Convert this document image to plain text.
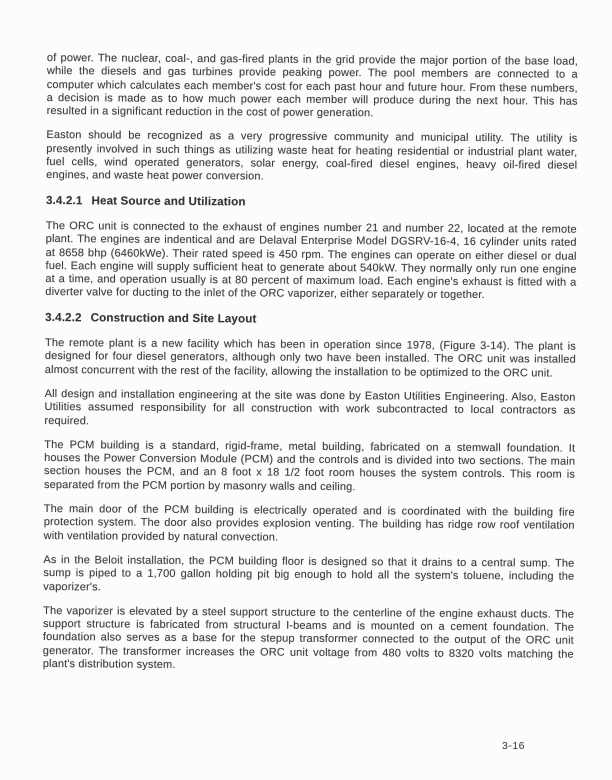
of power. The nuclear, coal-, and gas-fired plants in the grid provide the major portion of the base load, while the diesels and gas turbines provide peaking power. The pool members are connected to a computer which calculates each member's cost for each past hour and future hour. From these numbers, a decision is made as to how much power each member will produce during the next hour. This has resulted in a significant reduction in the cost of power generation.

Easton should be recognized as a very progressive community and municipal utility. The utility is presently involved in such things as utilizing waste heat for heating residential or industrial plant water, fuel cells, wind operated generators, solar energy, coal-fired diesel engines, heavy oil-fired diesel engines, and waste heat power conversion.

3.4.2.1 Heat Source and Utilization

The ORC unit is connected to the exhaust of engines number 21 and number 22, located at the remote plant. The engines are indentical and are Delaval Enterprise Model DGSRV-16-4, 16 cylinder units rated at 8658 bhp (6460kWe). Their rated speed is 450 rpm. The engines can operate on either diesel or dual fuel. Each engine will supply sufficient heat to generate about 540kW. They normally only run one engine at a time, and operation usually is at 80 percent of maximum load. Each engine's exhaust is fitted with a diverter valve for ducting to the inlet of the ORC vaporizer, either separately or together.

3.4.2.2 Construction and Site Layout

The remote plant is a new facility which has been in operation since 1978, (Figure 3-14). The plant is designed for four diesel generators, although only two have been installed. The ORC unit was installed almost concurrent with the rest of the facility, allowing the installation to be optimized to the ORC unit.

All design and installation engineering at the site was done by Easton Utilities Engineering. Also, Easton Utilities assumed responsibility for all construction with work subcontracted to local contractors as required.

The PCM building is a standard, rigid-frame, metal building, fabricated on a stemwall foundation. It houses the Power Conversion Module (PCM) and the controls and is divided into two sections. The main section houses the PCM, and an 8 foot x 18 1/2 foot room houses the system controls. This room is separated from the PCM portion by masonry walls and ceiling.

The main door of the PCM building is electrically operated and is coordinated with the building fire protection system. The door also provides explosion venting. The building has ridge row roof ventilation with ventilation provided by natural convection.

As in the Beloit installation, the PCM building floor is designed so that it drains to a central sump. The sump is piped to a 1,700 gallon holding pit big enough to hold all the system's toluene, including the vaporizer's.

The vaporizer is elevated by a steel support structure to the centerline of the engine exhaust ducts. The support structure is fabricated from structural I-beams and is mounted on a cement foundation. The foundation also serves as a base for the stepup transformer connected to the output of the ORC unit generator. The transformer increases the ORC unit voltage from 480 volts to 8320 volts matching the plant's distribution system.

3-16
